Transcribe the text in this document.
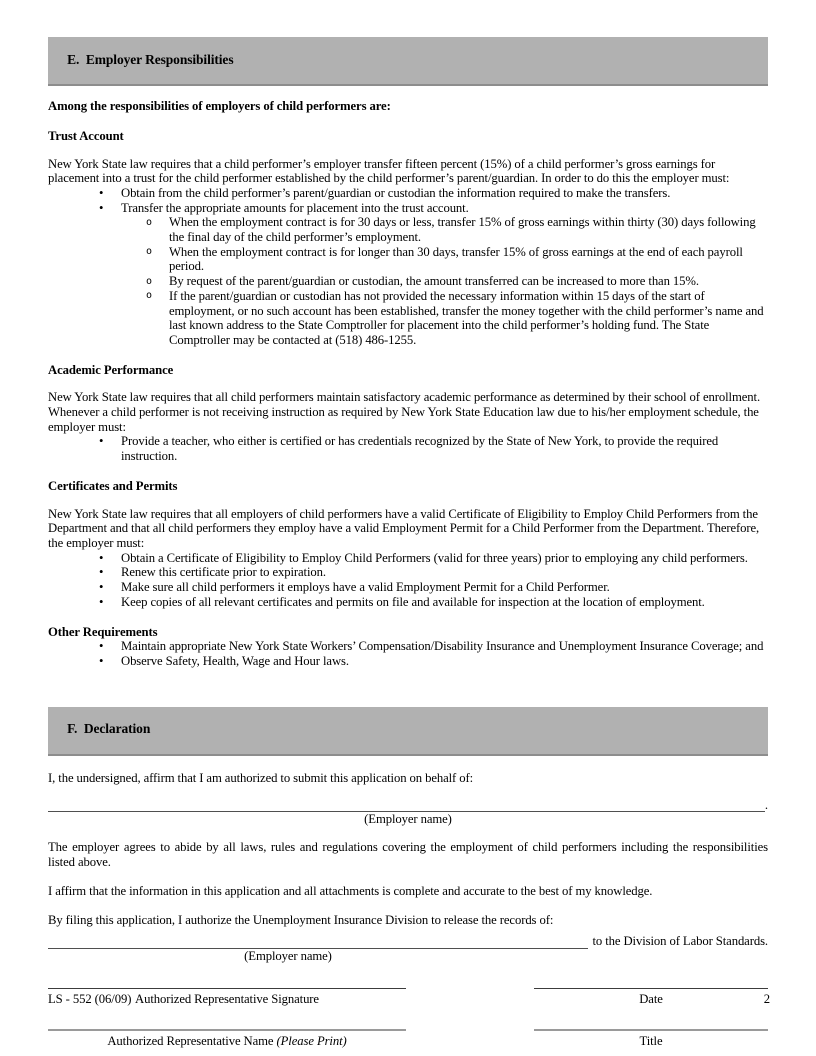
E.  Employer Responsibilities

Among the responsibilities of employers of child performers are:

Trust Account

New York State law requires that a child performer’s employer transfer fifteen percent (15%) of a child performer’s gross earnings for placement into a trust for the child performer established by the child performer’s parent/guardian. In order to do this the employer must:

• Obtain from the child performer’s parent/guardian or custodian the information required to make the transfers.
• Transfer the appropriate amounts for placement into the trust account.
o When the employment contract is for 30 days or less, transfer 15% of gross earnings within thirty (30) days following the final day of the child performer’s employment.
o When the employment contract is for longer than 30 days, transfer 15% of gross earnings at the end of each payroll period.
o By request of the parent/guardian or custodian, the amount transferred can be increased to more than 15%.
o If the parent/guardian or custodian has not provided the necessary information within 15 days of the start of employment, or no such account has been established, transfer the money together with the child performer’s name and last known address to the State Comptroller for placement into the child performer’s holding fund. The State Comptroller may be contacted at (518) 486-1255.

Academic Performance

New York State law requires that all child performers maintain satisfactory academic performance as determined by their school of enrollment. Whenever a child performer is not receiving instruction as required by New York State Education law due to his/her employment schedule, the employer must:

• Provide a teacher, who either is certified or has credentials recognized by the State of New York, to provide the required instruction.

Certificates and Permits

New York State law requires that all employers of child performers have a valid Certificate of Eligibility to Employ Child Performers from the Department and that all child performers they employ have a valid Employment Permit for a Child Performer from the Department. Therefore, the employer must:

• Obtain a Certificate of Eligibility to Employ Child Performers (valid for three years) prior to employing any child performers.
• Renew this certificate prior to expiration.
• Make sure all child performers it employs have a valid Employment Permit for a Child Performer.
• Keep copies of all relevant certificates and permits on file and available for inspection at the location of employment.

Other Requirements

• Maintain appropriate New York State Workers’ Compensation/Disability Insurance and Unemployment Insurance Coverage; and
• Observe Safety, Health, Wage and Hour laws.

F.  Declaration

I, the undersigned, affirm that I am authorized to submit this application on behalf of:

.
(Employer name)

The employer agrees to abide by all laws, rules and regulations covering the employment of child performers including the responsibilities listed above.

I affirm that the information in this application and all attachments is complete and accurate to the best of my knowledge.

By filing this application, I authorize the Unemployment Insurance Division to release the records of:

to the Division of Labor Standards.
(Employer name)
Authorized Representative Signature	Date
Authorized Representative Name (Please Print)	Title
LS - 552 (06/09)	2
